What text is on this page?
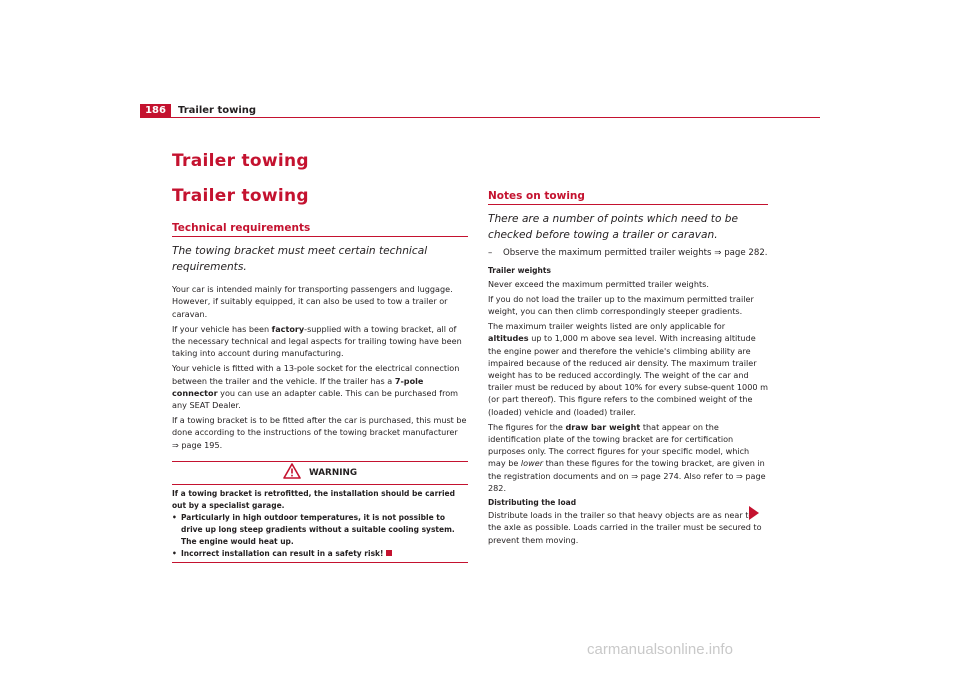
186	Trailer towing
Trailer towing
Trailer towing
Technical requirements
The towing bracket must meet certain technical requirements.

Your car is intended mainly for transporting passengers and luggage. However, if suitably equipped, it can also be used to tow a trailer or caravan.

If your vehicle has been factory-supplied with a towing bracket, all of the necessary technical and legal aspects for trailing towing have been taking into account during manufacturing.

Your vehicle is fitted with a 13-pole socket for the electrical connection between the trailer and the vehicle. If the trailer has a 7-pole connector you can use an adapter cable. This can be purchased from any SEAT Dealer.

If a towing bracket is to be fitted after the car is purchased, this must be done according to the instructions of the towing bracket manufacturer
⇒ page 195.

WARNING

If a towing bracket is retrofitted, the installation should be carried out by a specialist garage.

• Particularly in high outdoor temperatures, it is not possible to drive up long steep gradients without a suitable cooling system. The engine would heat up.
• Incorrect installation can result in a safety risk!
Notes on towing
There are a number of points which need to be checked before towing a trailer or caravan.
–	Observe the maximum permitted trailer weights ⇒ page 282.
Trailer weights

Never exceed the maximum permitted trailer weights.

If you do not load the trailer up to the maximum permitted trailer weight, you can then climb correspondingly steeper gradients.

The maximum trailer weights listed are only applicable for altitudes up to 1,000 m above sea level. With increasing altitude the engine power and therefore the vehicle's climbing ability are impaired because of the reduced air density. The maximum trailer weight has to be reduced accordingly. The weight of the car and trailer must be reduced by about 10% for every subse-quent 1000 m (or part thereof). This figure refers to the combined weight of the (loaded) vehicle and (loaded) trailer.

The figures for the draw bar weight that appear on the identification plate of the towing bracket are for certification purposes only. The correct figures for your specific model, which may be lower than these figures for the towing bracket, are given in the registration documents and on ⇒ page 274. Also refer to ⇒ page 282.

Distributing the load

Distribute loads in the trailer so that heavy objects are as near to the axle as possible. Loads carried in the trailer must be secured to prevent them moving.

carmanualsonline.info
